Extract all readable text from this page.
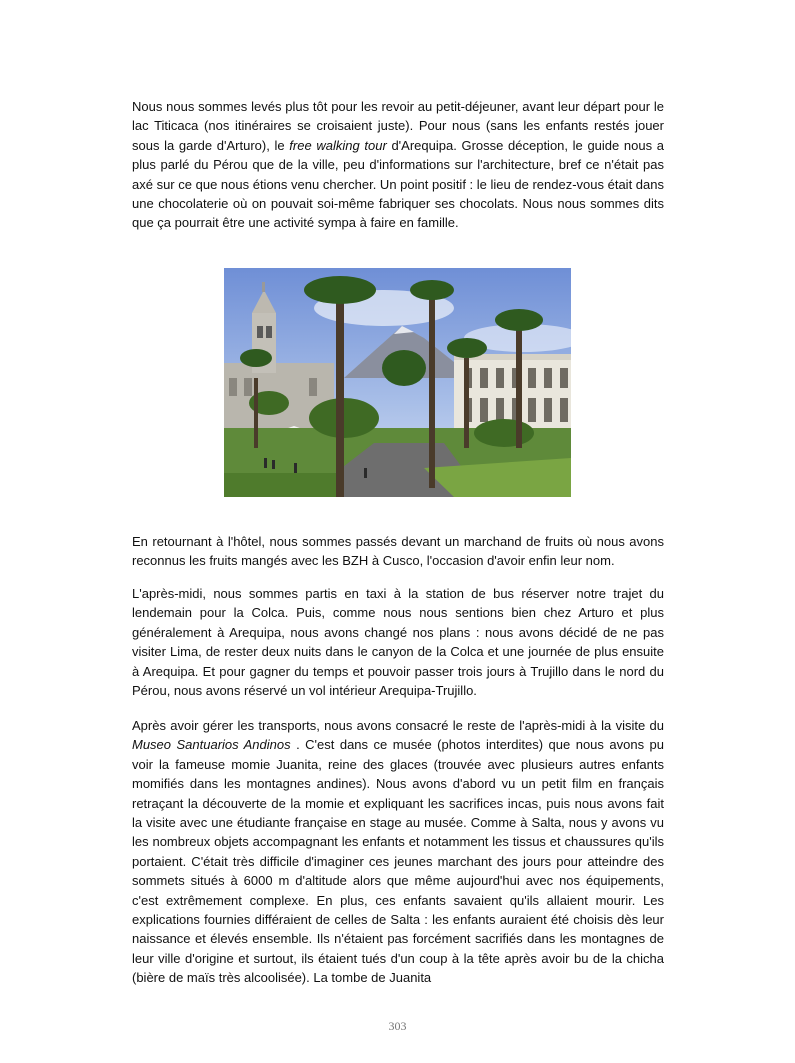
Nous nous sommes levés plus tôt pour les revoir au petit-déjeuner, avant leur départ pour le lac Titicaca (nos itinéraires se croisaient juste). Pour nous (sans les enfants restés jouer sous la garde d'Arturo), le free walking tour d'Arequipa. Grosse déception, le guide nous a plus parlé du Pérou que de la ville, peu d'informations sur l'architecture, bref ce n'était pas axé sur ce que nous étions venu chercher. Un point positif : le lieu de rendez-vous était dans une chocolaterie où on pouvait soi-même fabriquer ses chocolats. Nous nous sommes dits que ça pourrait être une activité sympa à faire en famille.

En retournant à l'hôtel, nous sommes passés devant un marchand de fruits où nous avons reconnus les fruits mangés avec les BZH à Cusco, l'occasion d'avoir enfin leur nom.

L'après-midi, nous sommes partis en taxi à la station de bus réserver notre trajet du lendemain pour la Colca. Puis, comme nous nous sentions bien chez Arturo et plus généralement à Arequipa, nous avons changé nos plans : nous avons décidé de ne pas visiter Lima, de rester deux nuits dans le canyon de la Colca et une journée de plus ensuite à Arequipa. Et pour gagner du temps et pouvoir passer trois jours à Trujillo dans le nord du Pérou, nous avons réservé un vol intérieur Arequipa-Trujillo.

Après avoir gérer les transports, nous avons consacré le reste de l'après-midi à la visite du Museo Santuarios Andinos . C'est dans ce musée (photos interdites) que nous avons pu voir la fameuse momie Juanita, reine des glaces (trouvée avec plusieurs autres enfants momifiés dans les montagnes andines). Nous avons d'abord vu un petit film en français retraçant la découverte de la momie et expliquant les sacrifices incas, puis nous avons fait la visite avec une étudiante française en stage au musée. Comme à Salta, nous y avons vu les nombreux objets accompagnant les enfants et notamment les tissus et chaussures qu'ils portaient. C'était très difficile d'imaginer ces jeunes marchant des jours pour atteindre des sommets situés à 6000 m d'altitude alors que même aujourd'hui avec nos équipements, c'est extrêmement complexe. En plus, ces enfants savaient qu'ils allaient mourir. Les explications fournies différaient de celles de Salta : les enfants auraient été choisis dès leur naissance et élevés ensemble. Ils n'étaient pas forcément sacrifiés dans les montagnes de leur ville d'origine et surtout, ils étaient tués d'un coup à la tête après avoir bu de la chicha (bière de maïs très alcoolisée). La tombe de Juanita

303
